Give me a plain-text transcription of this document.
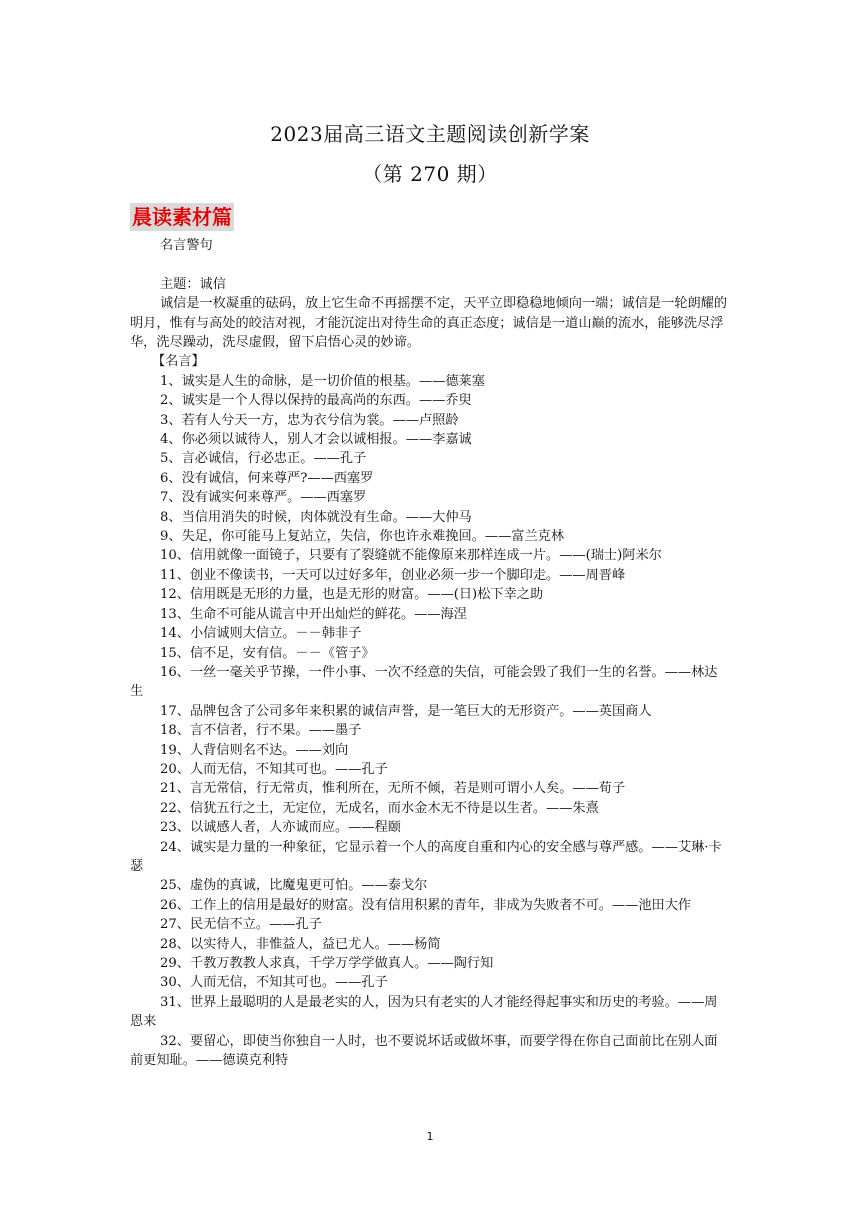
2023届高三语文主题阅读创新学案
（第 270 期）
晨读素材篇

名言警句

主题：诚信

诚信是一枚凝重的砝码，放上它生命不再摇摆不定，天平立即稳稳地倾向一端；诚信是一轮朗耀的明月，惟有与高处的皎洁对视，才能沉淀出对待生命的真正态度；诚信是一道山巅的流水，能够洗尽浮华，洗尽躁动，洗尽虚假，留下启悟心灵的妙谛。

【名言】

1、诚实是人生的命脉，是一切价值的根基。——德莱塞

2、诚实是一个人得以保持的最高尚的东西。——乔臾

3、若有人兮天一方，忠为衣兮信为裳。——卢照龄

4、你必须以诚待人，别人才会以诚相报。——李嘉诚

5、言必诚信，行必忠正。——孔子

6、没有诚信，何来尊严?——西塞罗

7、没有诚实何来尊严。——西塞罗

8、当信用消失的时候，肉体就没有生命。——大仲马

9、失足，你可能马上复站立，失信，你也许永难挽回。——富兰克林

10、信用就像一面镜子，只要有了裂缝就不能像原来那样连成一片。——(瑞士)阿米尔

11、创业不像读书，一天可以过好多年，创业必须一步一个脚印走。——周晋峰

12、信用既是无形的力量，也是无形的财富。——(日)松下幸之助

13、生命不可能从谎言中开出灿烂的鲜花。——海涅

14、小信诚则大信立。－－韩非子

15、信不足，安有信。－－《管子》

16、一丝一毫关乎节操，一件小事、一次不经意的失信，可能会毁了我们一生的名誉。——林达生

17、品牌包含了公司多年来积累的诚信声誉，是一笔巨大的无形资产。——英国商人

18、言不信者，行不果。——墨子

19、人背信则名不达。——刘向

20、人而无信，不知其可也。——孔子

21、言无常信，行无常贞，惟利所在，无所不倾，若是则可谓小人矣。——荀子

22、信犹五行之土，无定位，无成名，而水金木无不待是以生者。——朱熹

23、以诚感人者，人亦诚而应。——程颐

24、诚实是力量的一种象征，它显示着一个人的高度自重和内心的安全感与尊严感。——艾琳·卡瑟

25、虚伪的真诚，比魔鬼更可怕。——泰戈尔

26、工作上的信用是最好的财富。没有信用积累的青年，非成为失败者不可。——池田大作

27、民无信不立。——孔子

28、以实待人，非惟益人，益已尤人。——杨简

29、千教万教教人求真，千学万学学做真人。——陶行知

30、人而无信，不知其可也。——孔子

31、世界上最聪明的人是最老实的人，因为只有老实的人才能经得起事实和历史的考验。——周恩来

32、要留心，即使当你独自一人时，也不要说坏话或做坏事，而要学得在你自己面前比在别人面前更知耻。——德谟克利特

1
